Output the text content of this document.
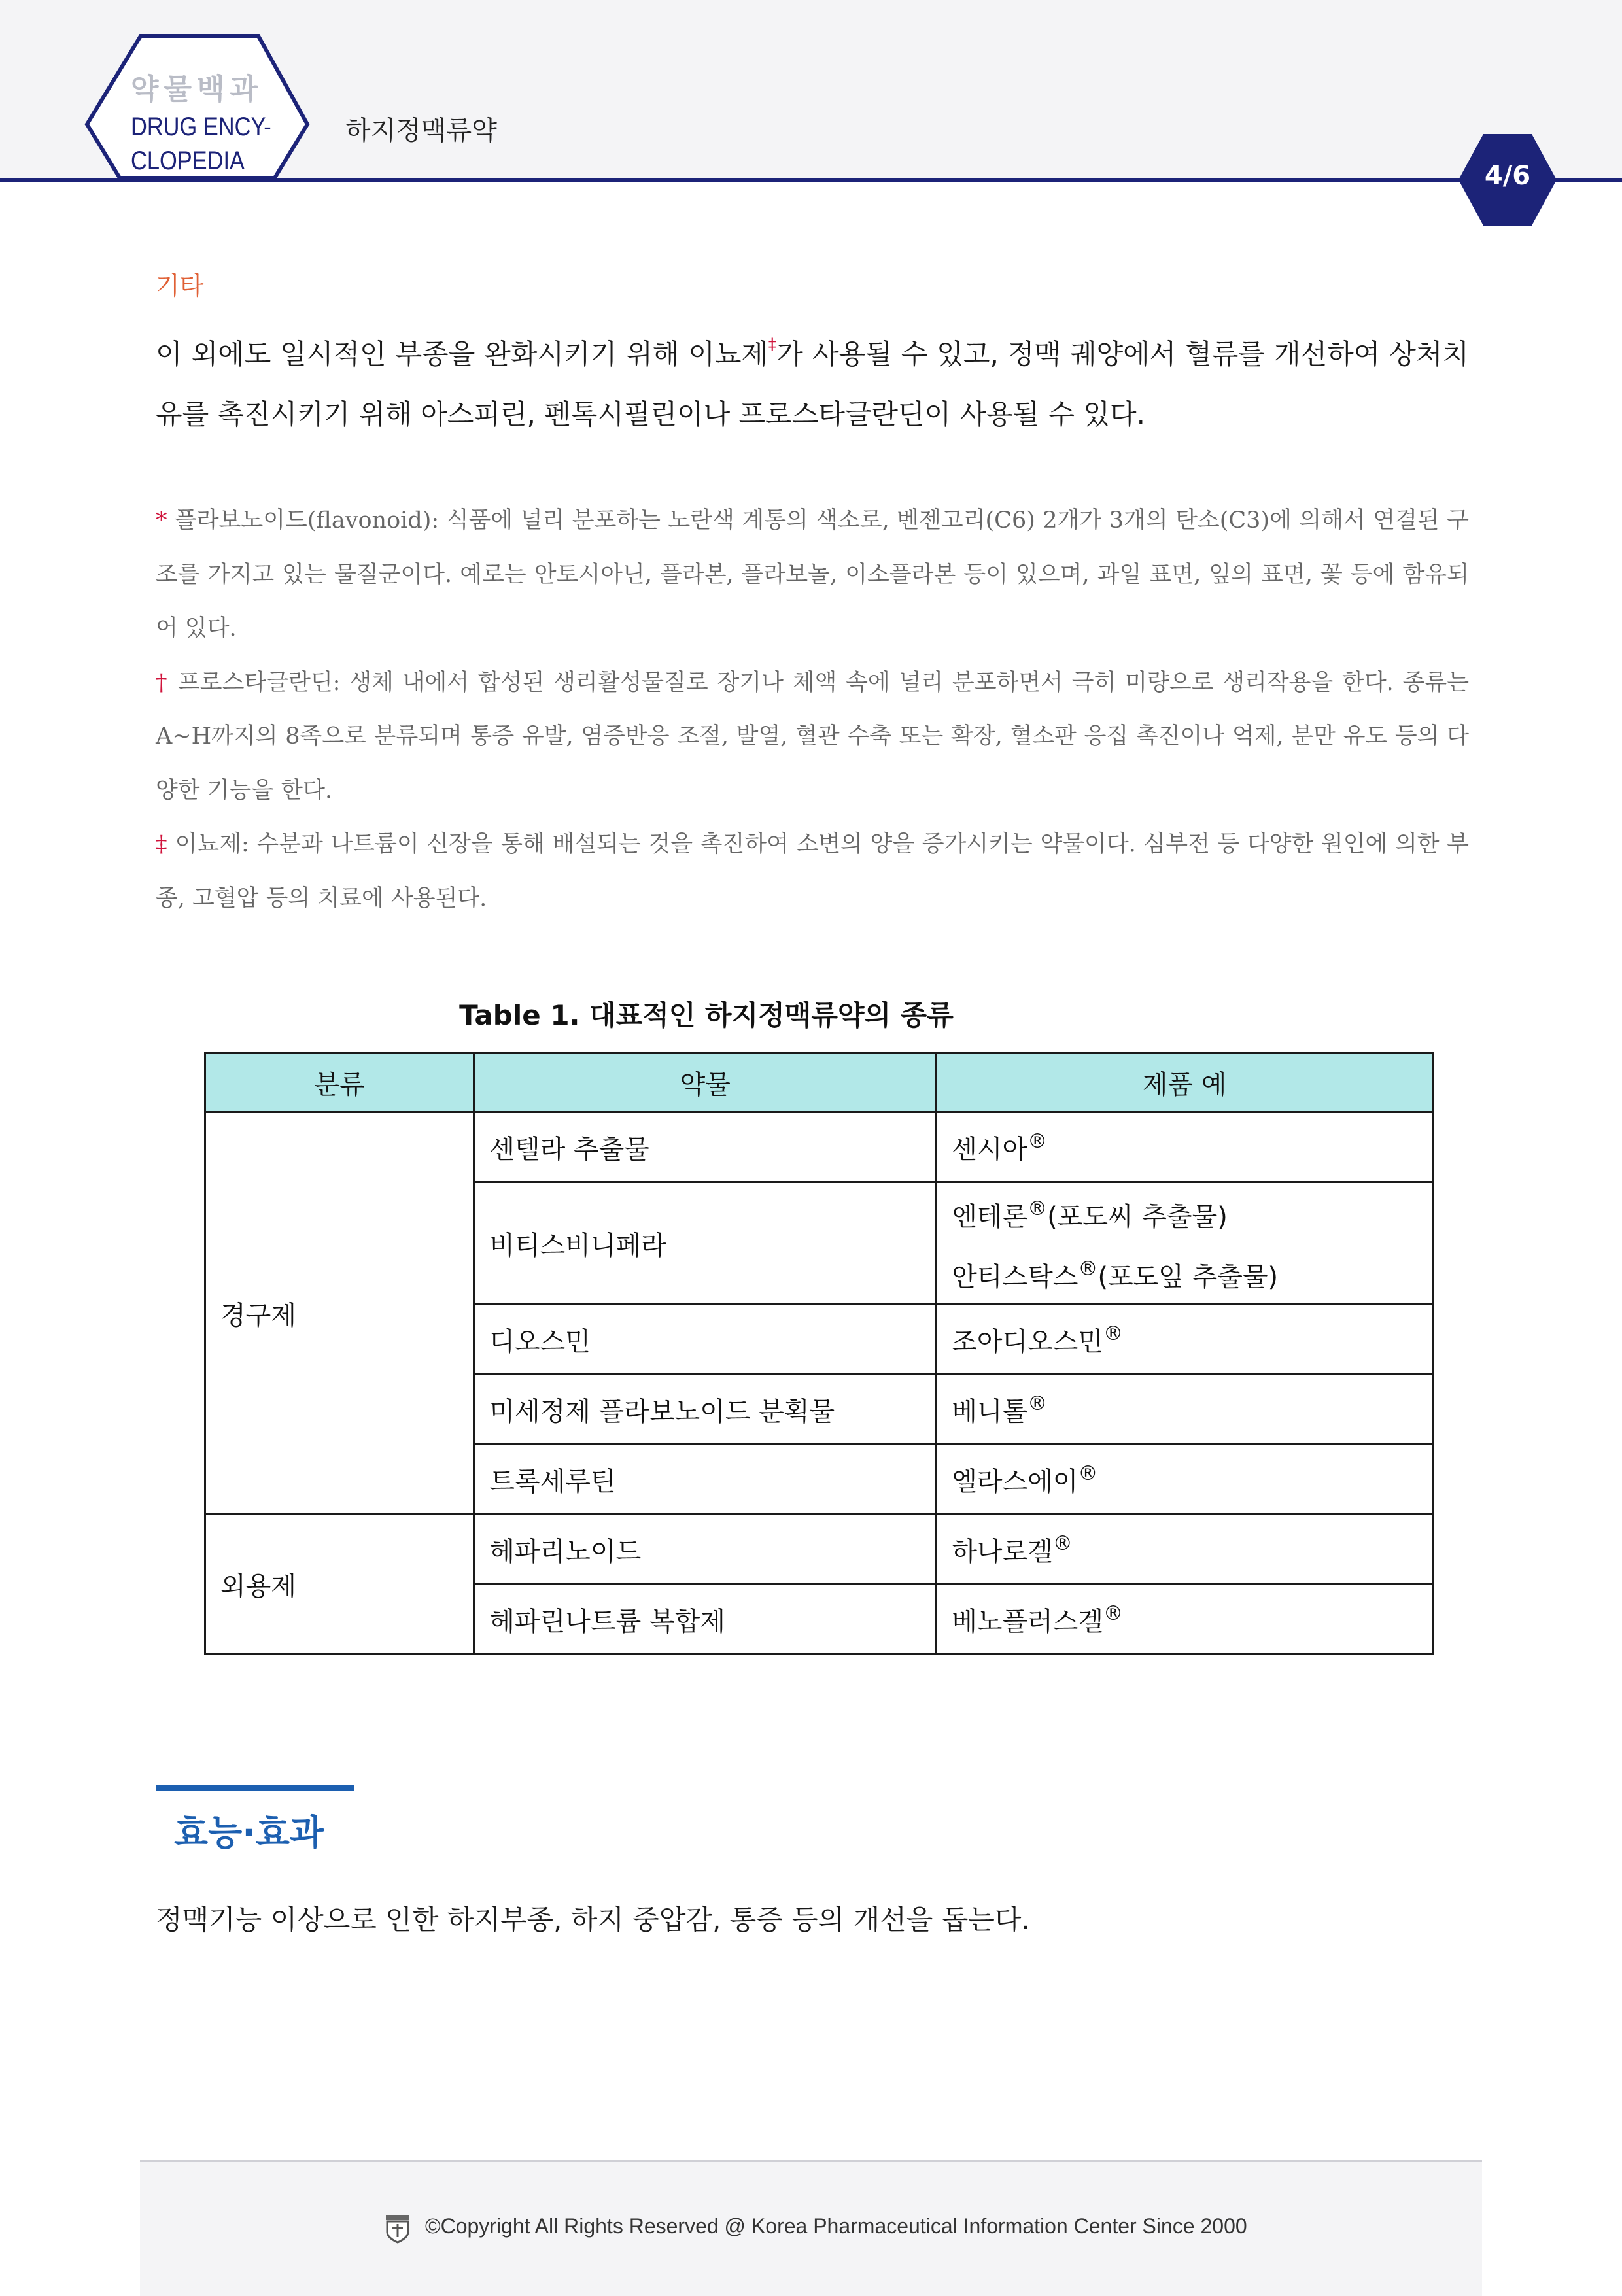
약물백과
DRUG ENCY-
CLOPEDIA
하지정맥류약
4/6
기타
이 외에도 일시적인 부종을 완화시키기 위해 이뇨제‡가 사용될 수 있고, 정맥 궤양에서 혈류를 개선하여 상처치유를 촉진시키기 위해 아스피린, 펜톡시필린이나 프로스타글란딘이 사용될 수 있다.

* 플라보노이드(flavonoid): 식품에 널리 분포하는 노란색 계통의 색소로, 벤젠고리(C6) 2개가 3개의 탄소(C3)에 의해서 연결된 구조를 가지고 있는 물질군이다. 예로는 안토시아닌, 플라본, 플라보놀, 이소플라본 등이 있으며, 과일 표면, 잎의 표면, 꽃 등에 함유되어 있다.

† 프로스타글란딘: 생체 내에서 합성된 생리활성물질로 장기나 체액 속에 널리 분포하면서 극히 미량으로 생리작용을 한다. 종류는 A~H까지의 8족으로 분류되며 통증 유발, 염증반응 조절, 발열, 혈관 수축 또는 확장, 혈소판 응집 촉진이나 억제, 분만 유도 등의 다양한 기능을 한다.

‡ 이뇨제: 수분과 나트륨이 신장을 통해 배설되는 것을 촉진하여 소변의 양을 증가시키는 약물이다. 심부전 등 다양한 원인에 의한 부종, 고혈압 등의 치료에 사용된다.

Table 1. 대표적인 하지정맥류약의 종류
분류	약물	제품 예
경구제	센텔라 추출물	센시아®
	비티스비니페라	엔테론®(포도씨 추출물)
안티스탁스®(포도잎 추출물)

	디오스민	조아디오스민®
	미세정제 플라보노이드 분획물	베니톨®
	트록세루틴	엘라스에이®
외용제	헤파리노이드	하나로겔®
	헤파린나트륨 복합제	베노플러스겔®
효능·효과
정맥기능 이상으로 인한 하지부종, 하지 중압감, 통증 등의 개선을 돕는다.
©Copyright All Rights Reserved @ Korea Pharmaceutical Information Center Since 2000
